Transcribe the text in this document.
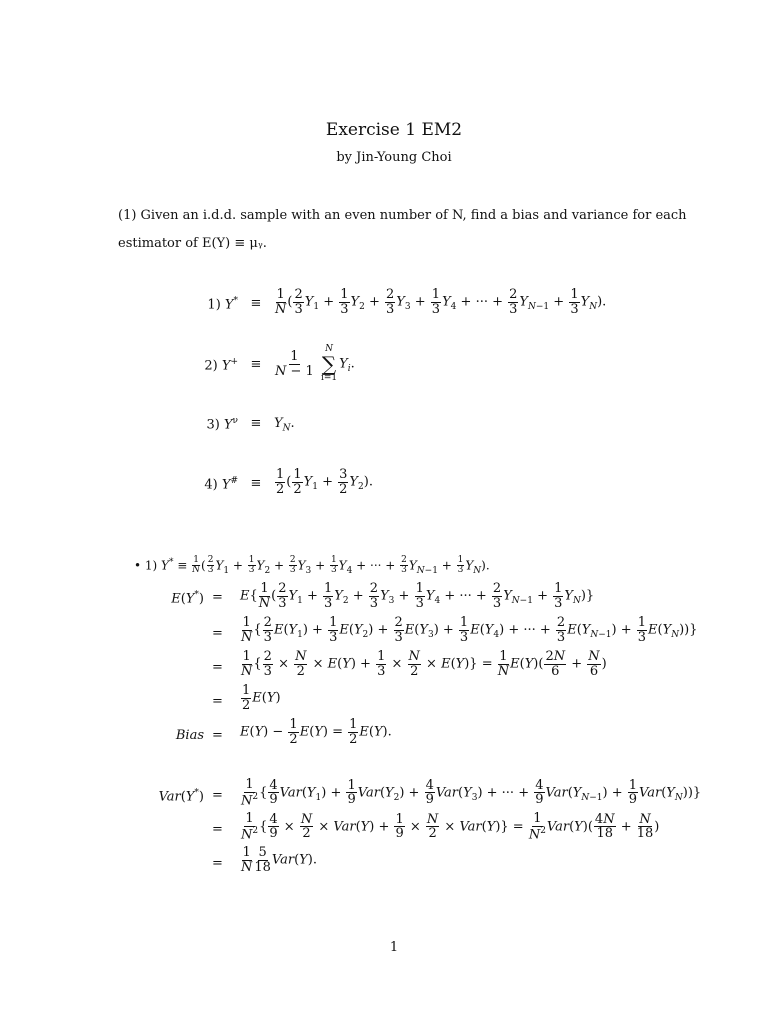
Exercise 1 EM2
by Jin-Young Choi
(1) Given an i.d.d. sample with an even number of N, find a bias and variance for each
estimator of E(Y) ≡ μᵧ.
1) Y* ≡	$\frac{1}{N}$ ( $\frac{2}{3} Y_1 + \frac{1}{3} Y_2 + \frac{2}{3} Y_3 + \frac{1}{3} Y_4$ + ··· + $\frac{2}{3} Y_{N-1} + \frac{1}{3} Y_N$).
2) Y+ ≡	$\frac{1}{N - 1}$

N
∑
i=1
$Y_i$.
3) $Y^\nu \equiv Y_N$.
4) Y# ≡	$\frac{1}{2}$ ( $\frac{1}{2} Y_1 + \frac{3}{2} Y_2$).
• 1) $Y^* \equiv \frac{1}{N}$ ( $\frac{2}{3} Y_1 + \frac{1}{3} Y_2 + \frac{2}{3} Y_3 + \frac{1}{3} Y_4$ + ··· + $\frac{2}{3} Y_{N-1} + \frac{1}{3} Y_N$).
$E(Y^*) = E\{ \frac{1}{N}$ ( $\frac{2}{3} Y_1 + \frac{1}{3} Y_2 + \frac{2}{3} Y_3 + \frac{1}{3} Y_4$ + ··· + $\frac{2}{3} Y_{N-1} + \frac{1}{3} Y_N$)}
= $\frac{1}{N}$ { $\frac{2}{3} E(Y_1) + \frac{1}{3} E(Y_2) + \frac{2}{3} E(Y_3) + \frac{1}{3} E(Y_4)$ + ··· + $\frac{2}{3} E(Y_{N-1}) + \frac{1}{3} E(Y_N)$)}
= $\frac{1}{N}$ { $\frac{2}{3} \times \frac{N}{2} \times E(Y) + \frac{1}{3} \times \frac{N}{2} \times E(Y)\} = \frac{1}{N} E(Y)( \frac{2N}{6} + \frac{N}{6}$ )
= $\frac{1}{2} E(Y)$
Bias = $E(Y) - \frac{1}{2} E(Y) = \frac{1}{2} E(Y)$.
$Var(Y^*) = \frac{1}{N^2}$ { $\frac{4}{9} Var(Y_1) + \frac{1}{9} Var(Y_2) + \frac{4}{9} Var(Y_3)$ + ··· + $\frac{4}{9} Var(Y_{N-1}) + \frac{1}{9} Var(Y_N)$)}
= $\frac{1}{N^2}$ { $\frac{4}{9} \times \frac{N}{2} \times Var(Y) + \frac{1}{9} \times \frac{N}{2} \times Var(Y)\} = \frac{1}{N^2} Var(Y)( \frac{4N}{18} + \frac{N}{18}$ )
= $\frac{1}{N} \frac{5}{18} Var(Y)$.
1
